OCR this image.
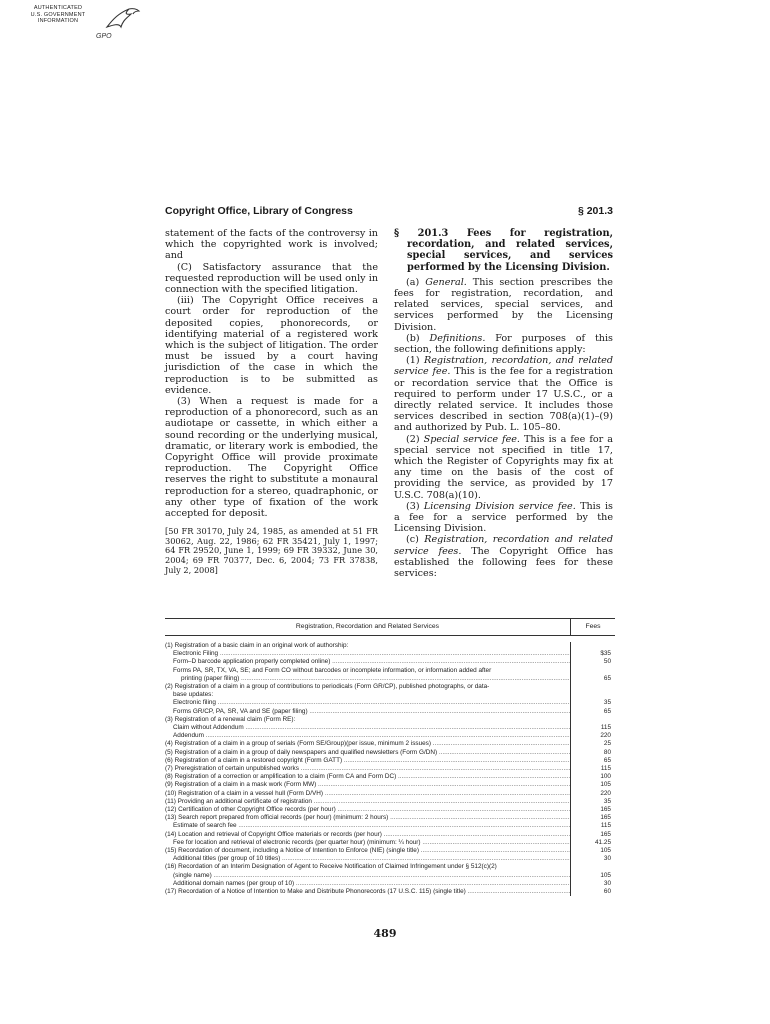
AUTHENTICATED
U.S. GOVERNMENT
INFORMATION
GPO
Copyright Office, Library of Congress	§ 201.3

statement of the facts of the controversy in which the copyrighted work is involved; and

(C) Satisfactory assurance that the requested reproduction will be used only in connection with the specified litigation.

(iii) The Copyright Office receives a court order for reproduction of the deposited copies, phonorecords, or identifying material of a registered work which is the subject of litigation. The order must be issued by a court having jurisdiction of the case in which the reproduction is to be submitted as evidence.

(3) When a request is made for a reproduction of a phonorecord, such as an audiotape or cassette, in which either a sound recording or the underlying musical, dramatic, or literary work is embodied, the Copyright Office will provide proximate reproduction. The Copyright Office reserves the right to substitute a monaural reproduction for a stereo, quadraphonic, or any other type of fixation of the work accepted for deposit.

[50 FR 30170, July 24, 1985, as amended at 51 FR 30062, Aug. 22, 1986; 62 FR 35421, July 1, 1997; 64 FR 29520, June 1, 1999; 69 FR 39332, June 30, 2004; 69 FR 70377, Dec. 6, 2004; 73 FR 37838, July 2, 2008]

§ 201.3 Fees for registration, recordation, and related services, special services, and services performed by the Licensing Division.

(a) General. This section prescribes the fees for registration, recordation, and related services, special services, and services performed by the Licensing Division.

(b) Definitions. For purposes of this section, the following definitions apply:

(1) Registration, recordation, and related service fee. This is the fee for a registration or recordation service that the Office is required to perform under 17 U.S.C., or a directly related service. It includes those services described in section 708(a)(1)–(9) and authorized by Pub. L. 105–80.

(2) Special service fee. This is a fee for a special service not specified in title 17, which the Register of Copyrights may fix at any time on the basis of the cost of providing the service, as provided by 17 U.S.C. 708(a)(10).

(3) Licensing Division service fee. This is a fee for a service performed by the Licensing Division.

(c) Registration, recordation and related service fees. The Copyright Office has established the following fees for these services:

Registration, Recordation and Related Services	Fees
(1) Registration of a basic claim in an original work of authorship:
Electronic Filing .....	$35
Form–D barcode application properly completed online) .....	50
Forms PA, SR, TX, VA, SE; and Form CO without barcodes or incomplete information, or information added after
printing (paper filing) .....	65
(2) Registration of a claim in a group of contributions to periodicals (Form GR/CP), published photographs, or data-
base updates:
Electronic filing .....	35
Forms GR/CP, PA, SR, VA and SE (paper filing) .....	65
(3) Registration of a renewal claim (Form RE):
Claim without Addendum .....	115
Addendum .....	220
(4) Registration of a claim in a group of serials (Form SE/Group)(per issue, minimum 2 issues) .....	25
(5) Registration of a claim in a group of daily newspapers and qualified newsletters (Form G/DN) .....	80
(6) Registration of a claim in a restored copyright (Form GATT) .....	65
(7) Preregistration of certain unpublished works .....	115
(8) Registration of a correction or amplification to a claim (Form CA and Form DC) .....	100
(9) Registration of a claim in a mask work (Form MW) .....	105
(10) Registration of a claim in a vessel hull (Form D/VH) .....	220
(11) Providing an additional certificate of registration .....	35
(12) Certification of other Copyright Office records (per hour) .....	165
(13) Search report prepared from official records (per hour) (minimum: 2 hours) .....	165
Estimate of search fee .....	115
(14) Location and retrieval of Copyright Office materials or records (per hour) .....	165
Fee for location and retrieval of electronic records (per quarter hour) (minimum: ¼ hour) .....	41.25
(15) Recordation of document, including a Notice of Intention to Enforce (NIE) (single title) .....	105
Additional titles (per group of 10 titles) .....	30
(16) Recordation of an Interim Designation of Agent to Receive Notification of Claimed Infringement under § 512(c)(2)
(single name) .....	105
Additional domain names (per group of 10) .....	30
(17) Recordation of a Notice of Intention to Make and Distribute Phonorecords (17 U.S.C. 115) (single title) .....	60
489
